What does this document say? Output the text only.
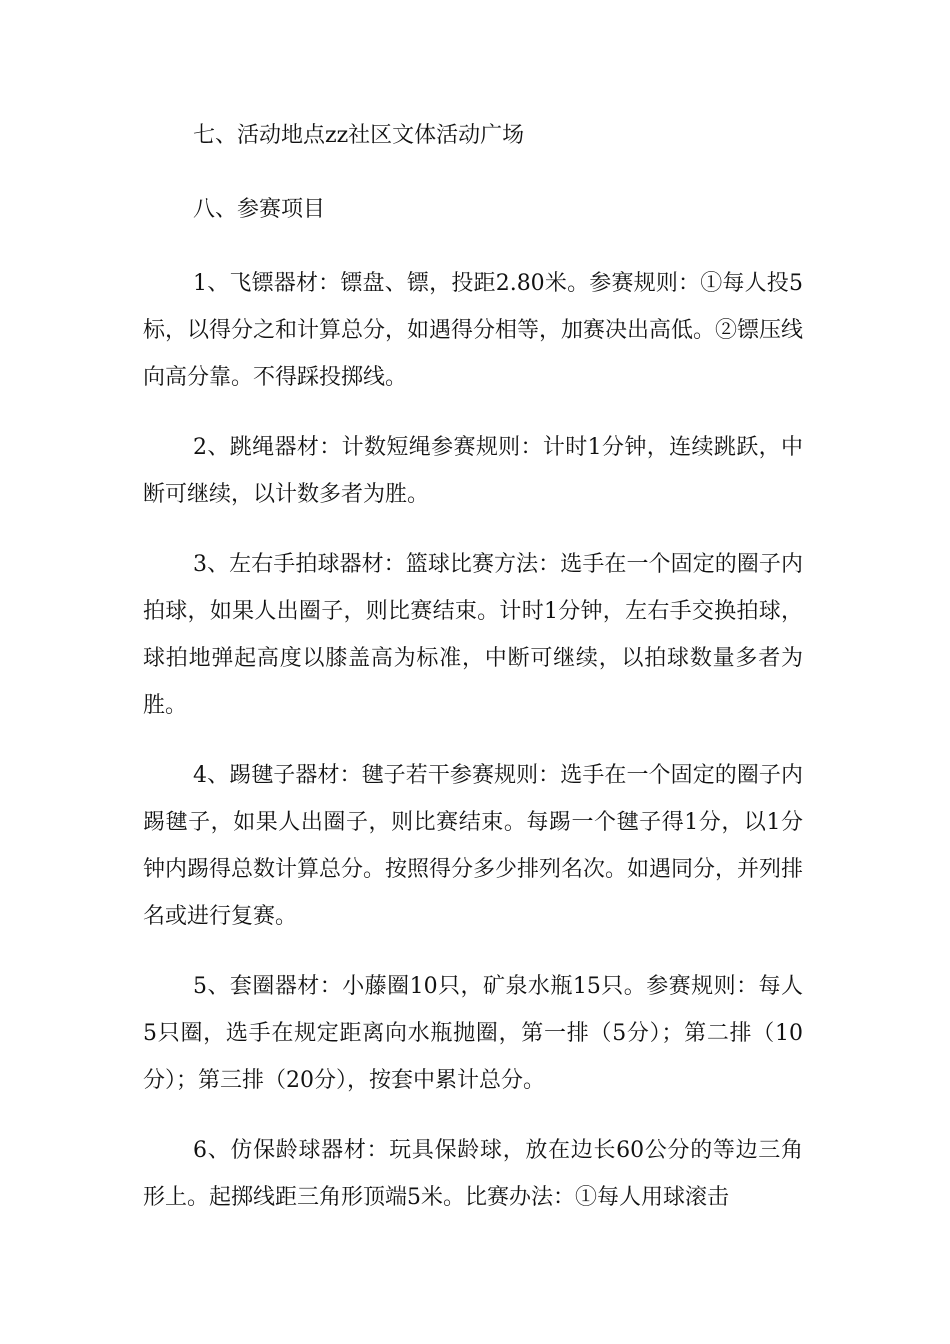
七、活动地点zz社区文体活动广场

八、参赛项目

1、飞镖器材：镖盘、镖，投距2.80米。参赛规则：①每人投5标，以得分之和计算总分，如遇得分相等，加赛决出高低。②镖压线向高分靠。不得踩投掷线。

2、跳绳器材：计数短绳参赛规则：计时1分钟，连续跳跃，中断可继续，以计数多者为胜。

3、左右手拍球器材：篮球比赛方法：选手在一个固定的圈子内拍球，如果人出圈子，则比赛结束。计时1分钟，左右手交换拍球，球拍地弹起高度以膝盖高为标准，中断可继续，以拍球数量多者为胜。

4、踢毽子器材：毽子若干参赛规则：选手在一个固定的圈子内踢毽子，如果人出圈子，则比赛结束。每踢一个毽子得1分，以1分钟内踢得总数计算总分。按照得分多少排列名次。如遇同分，并列排名或进行复赛。

5、套圈器材：小藤圈10只，矿泉水瓶15只。参赛规则：每人5只圈，选手在规定距离向水瓶抛圈，第一排（5分）；第二排（10分）；第三排（20分），按套中累计总分。

6、仿保龄球器材：玩具保龄球，放在边长60公分的等边三角形上。起掷线距三角形顶端5米。比赛办法：①每人用球滚击
